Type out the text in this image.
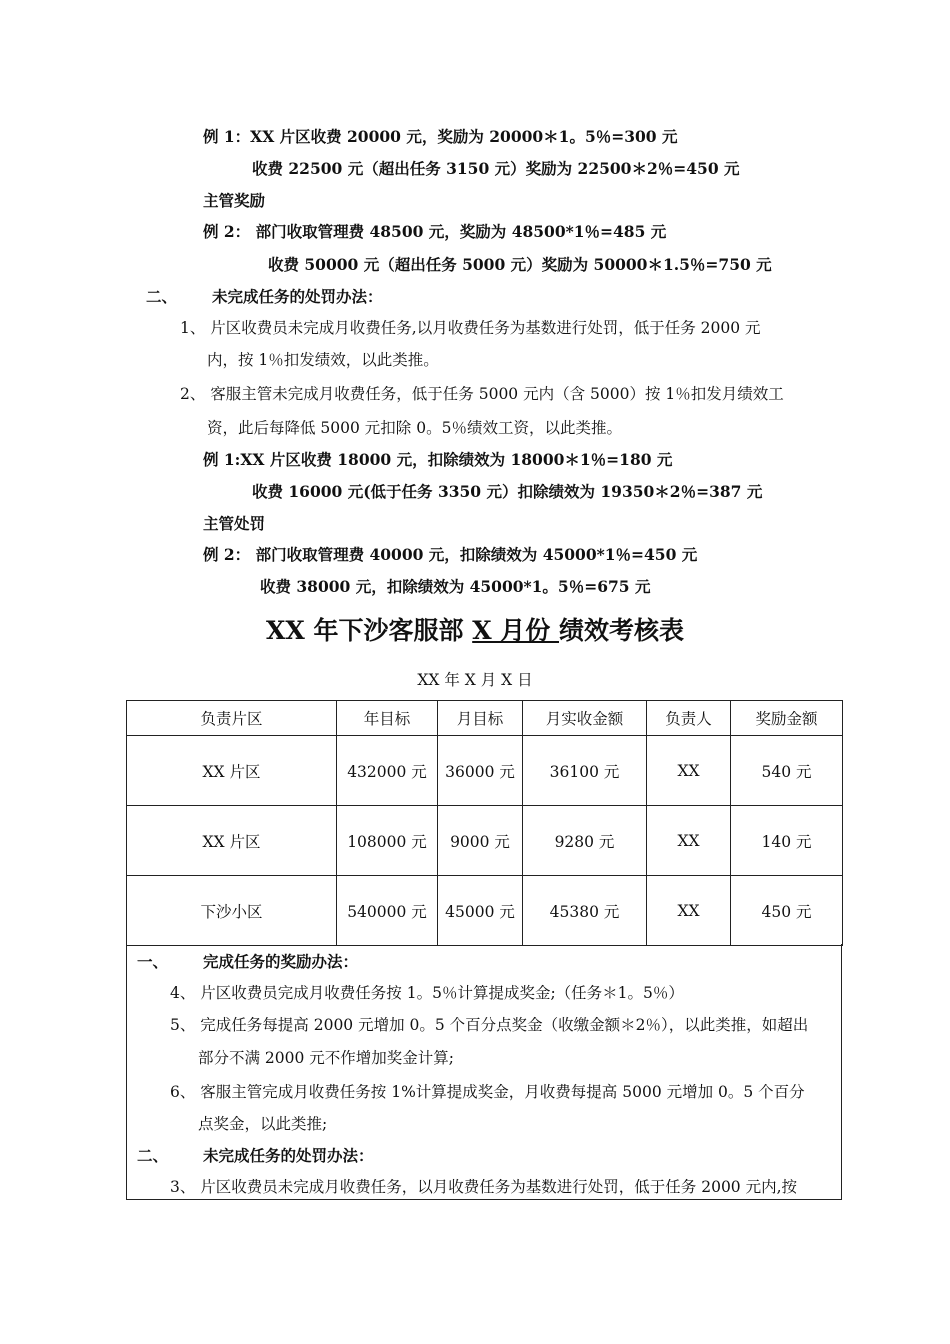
例 1：XX 片区收费 20000 元，奖励为 20000＊1。5％=300 元
收费 22500 元（超出任务 3150 元）奖励为 22500＊2％=450 元
主管奖励
例 2： 部门收取管理费 48500 元，奖励为 48500*1％=485 元
收费 50000 元（超出任务 5000 元）奖励为 50000＊1.5％=750 元
二、 未完成任务的处罚办法：
1、 片区收费员未完成月收费任务,以月收费任务为基数进行处罚，低于任务 2000 元
内，按 1％扣发绩效，以此类推。
2、 客服主管未完成月收费任务，低于任务 5000 元内（含 5000）按 1％扣发月绩效工
资，此后每降低 5000 元扣除 0。5％绩效工资，以此类推。
例 1:XX 片区收费 18000 元，扣除绩效为 18000＊1％=180 元
收费 16000 元(低于任务 3350 元）扣除绩效为 19350＊2％=387 元
主管处罚
例 2： 部门收取管理费 40000 元，扣除绩效为 45000*1％=450 元
收费 38000 元，扣除绩效为 45000*1。5％=675 元
XX 年下沙客服部 X 月份 绩效考核表
XX 年 X 月 X 日
负责片区	年目标	月目标	月实收金额	负责人	奖励金额
XX 片区	432000 元	36000 元	36100 元	XX	540 元
XX 片区	108000 元	9000 元	9280 元	XX	140 元
下沙小区	540000 元	45000 元	45380 元	XX	450 元
一、 完成任务的奖励办法：
4、 片区收费员完成月收费任务按 1。5％计算提成奖金;（任务＊1。5％）
5、 完成任务每提高 2000 元增加 0。5 个百分点奖金（收缴金额＊2％），以此类推，如超出
部分不满 2000 元不作增加奖金计算;
6、 客服主管完成月收费任务按 1%计算提成奖金，月收费每提高 5000 元增加 0。5 个百分
点奖金，以此类推;
二、 未完成任务的处罚办法：
3、 片区收费员未完成月收费任务，以月收费任务为基数进行处罚，低于任务 2000 元内,按
